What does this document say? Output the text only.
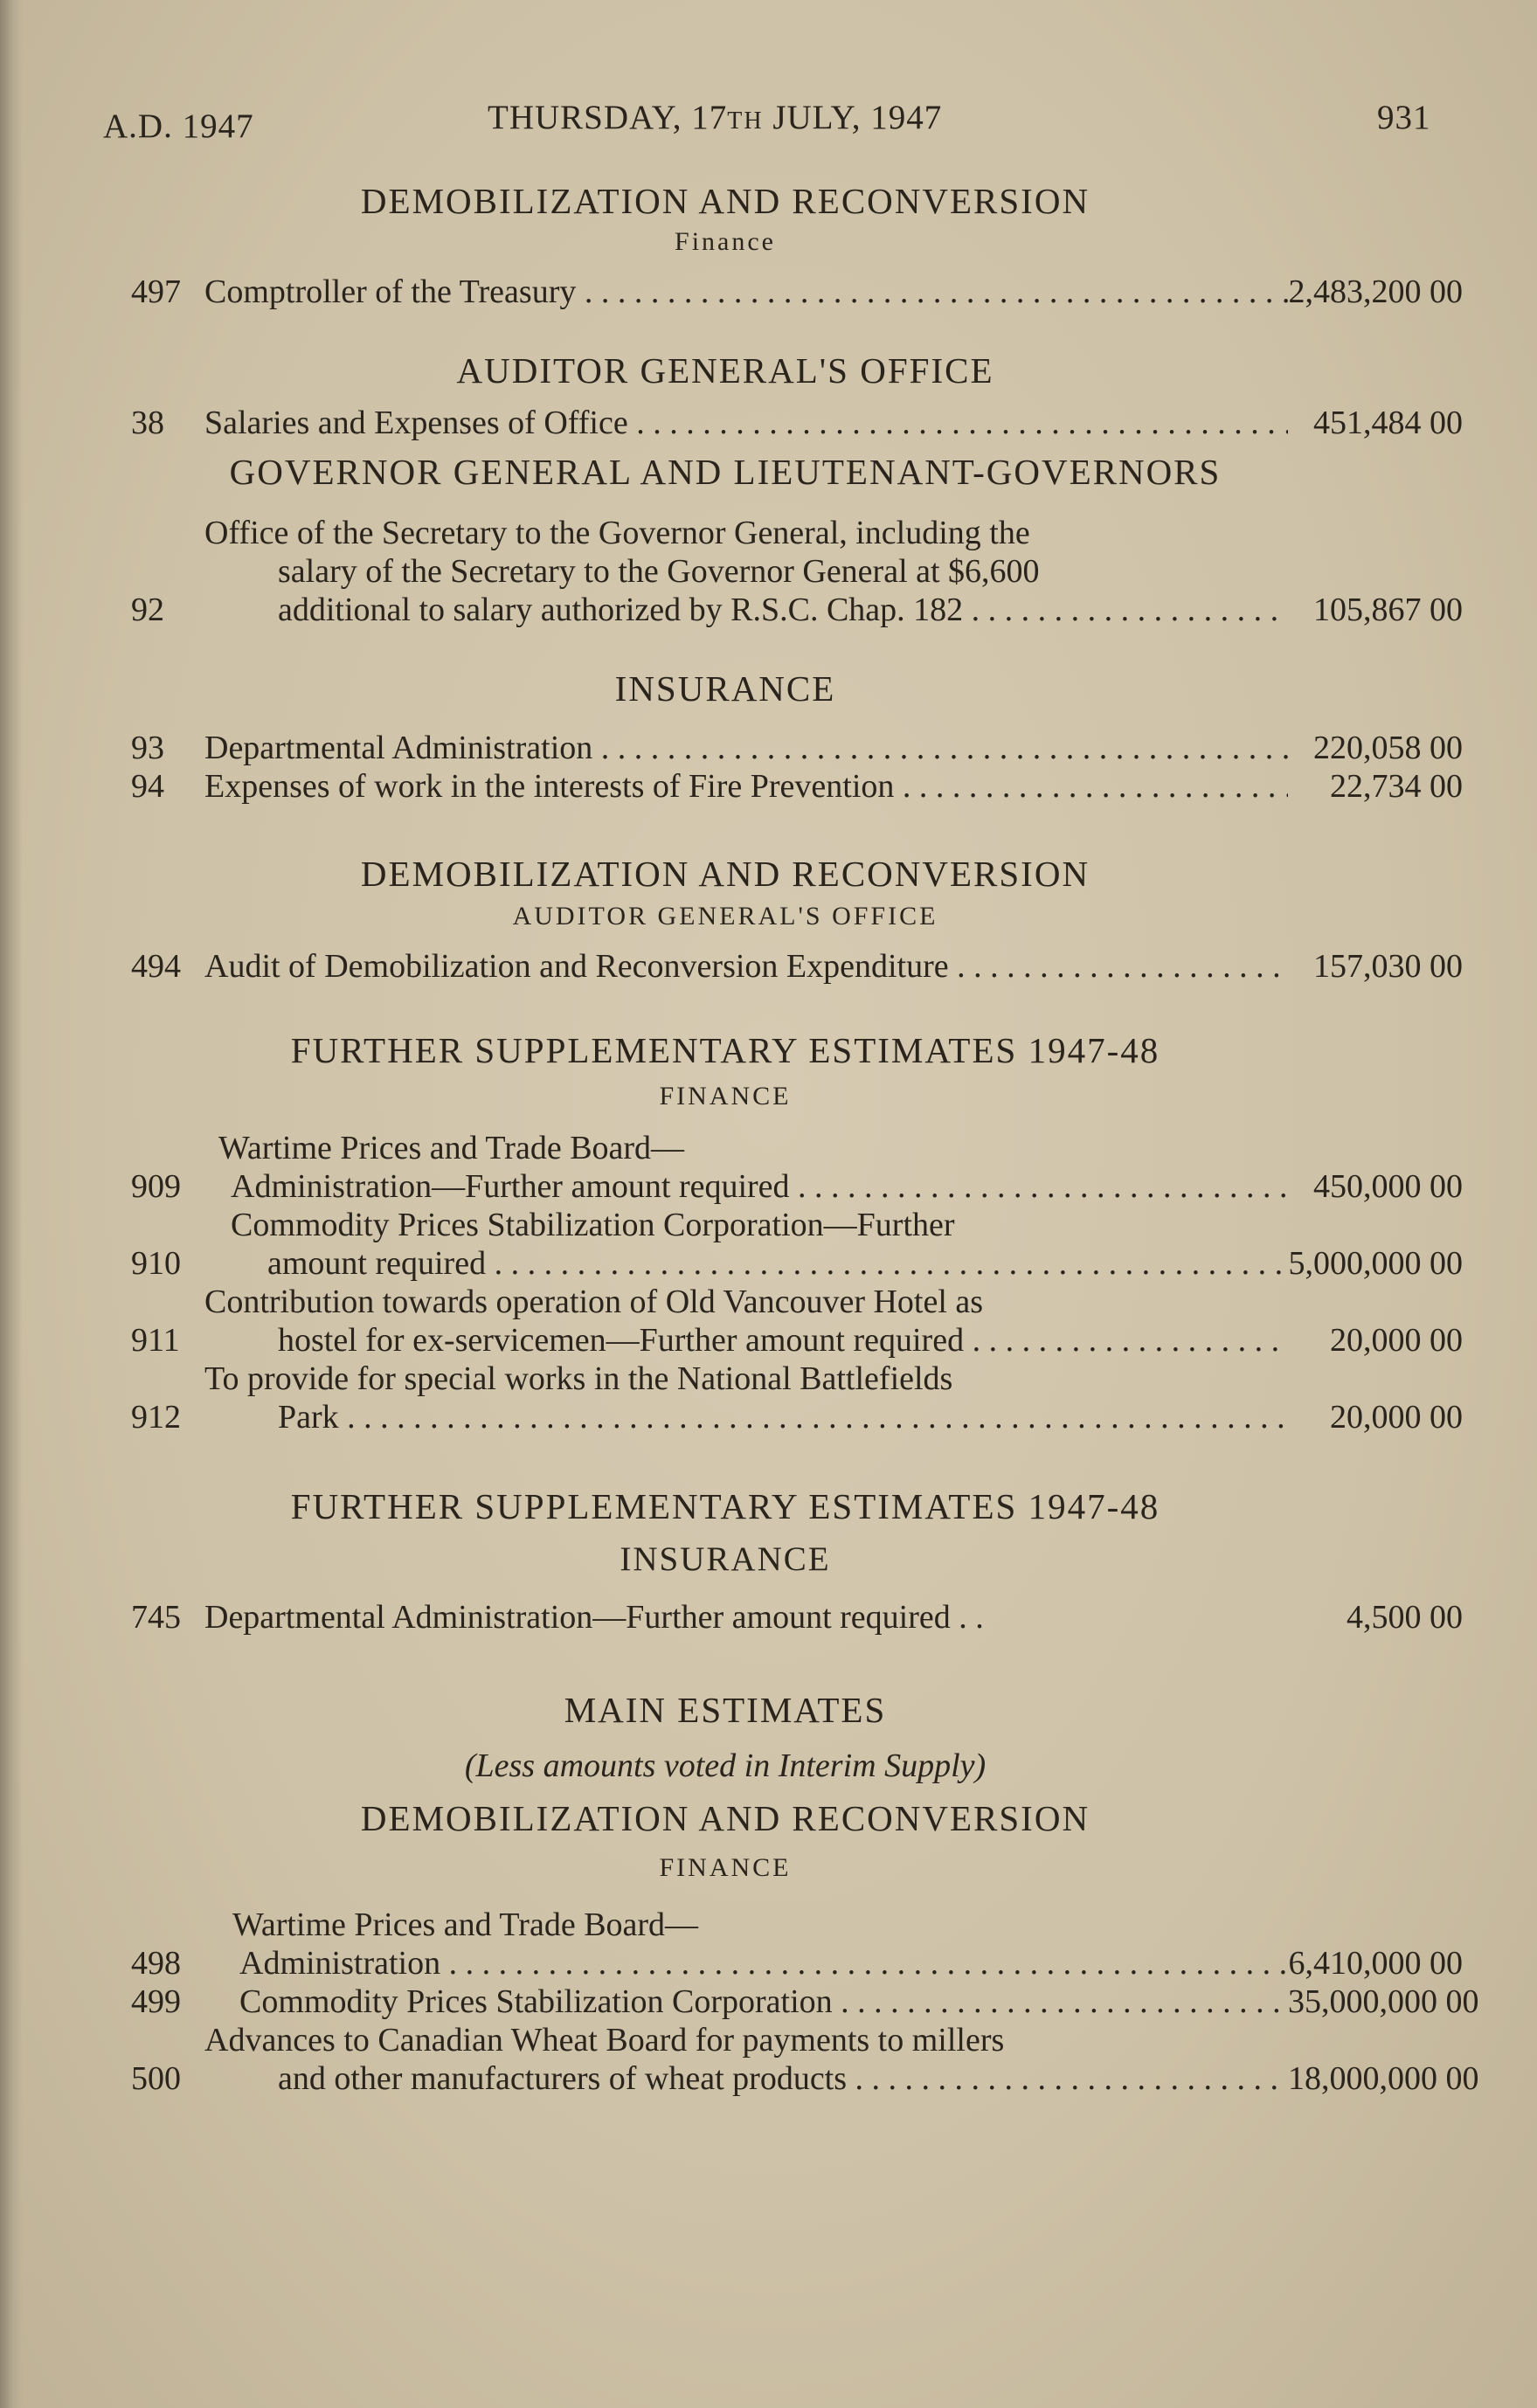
A.D. 1947	THURSDAY, 17TH JULY, 1947	931

DEMOBILIZATION AND RECONVERSION

Finance

497 Comptroller of the Treasury . . .	2,483,200 00

AUDITOR GENERAL'S OFFICE

38	Salaries and Expenses of Office . . .	451,484 00

GOVERNOR GENERAL AND LIEUTENANT-GOVERNORS

92
Office of the Secretary to the Governor General, including the
salary of the Secretary to the Governor General at $6,600
additional to salary authorized by R.S.C. Chap. 182 . . .	105,867 00

INSURANCE

93	Departmental Administration . . .	220,058 00
94	Expenses of work in the interests of Fire Prevention . . .	22,734 00

DEMOBILIZATION AND RECONVERSION

AUDITOR GENERAL'S OFFICE

494 Audit of Demobilization and Reconversion Expenditure . . .	157,030 00

FURTHER SUPPLEMENTARY ESTIMATES 1947-48

FINANCE

Wartime Prices and Trade Board—
909	Administration—Further amount required . . .	450,000 00
910
Commodity Prices Stabilization Corporation—Further
amount required . . .	5,000,000 00
911
Contribution towards operation of Old Vancouver Hotel as
hostel for ex-servicemen—Further amount required . . .	20,000 00
912
To provide for special works in the National Battlefields
Park . . .	20,000 00

FURTHER SUPPLEMENTARY ESTIMATES 1947-48

INSURANCE

745 Departmental Administration—Further amount required . .	4,500 00

MAIN ESTIMATES

(Less amounts voted in Interim Supply)

DEMOBILIZATION AND RECONVERSION

FINANCE

Wartime Prices and Trade Board—
498	Administration . . .	6,410,000 00
499	Commodity Prices Stabilization Corporation . . .	35,000,000 00
500
Advances to Canadian Wheat Board for payments to millers
and other manufacturers of wheat products . . .	18,000,000 00
